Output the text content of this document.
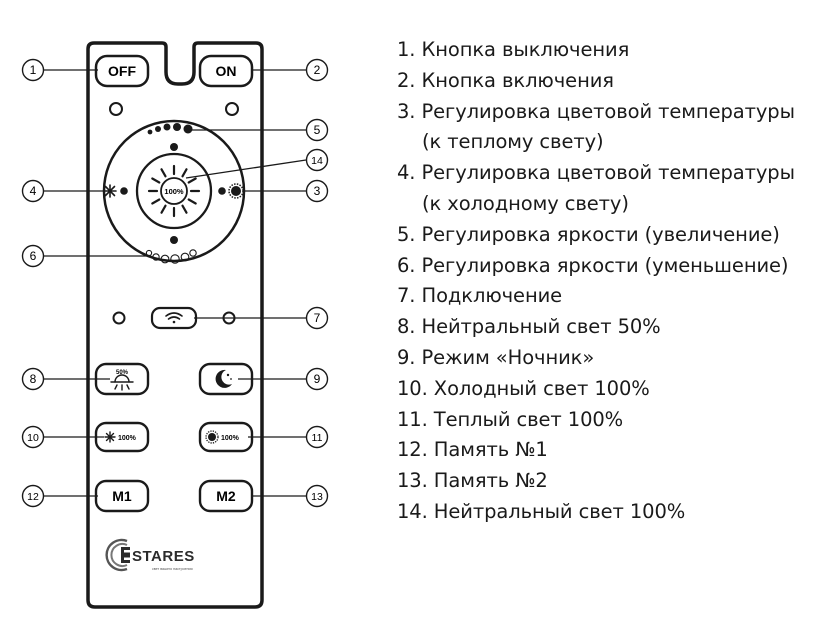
OFF	ON
100%
50%
100%	100%
M1	M2
STARES
свет вашего настроения
1	2
3
4
5
6
7
8	9
10	11
12	13
14
1. Кнопка выключения
2. Кнопка включения
3. Регулировка цветовой температуры
(к теплому свету)
4. Регулировка цветовой температуры
(к холодному свету)
5. Регулировка яркости (увеличение)
6. Регулировка яркости (уменьшение)
7. Подключение
8. Нейтральный свет 50%
9. Режим «Ночник»
10. Холодный свет 100%
11. Теплый свет 100%
12. Память №1
13. Память №2
14. Нейтральный свет 100%
